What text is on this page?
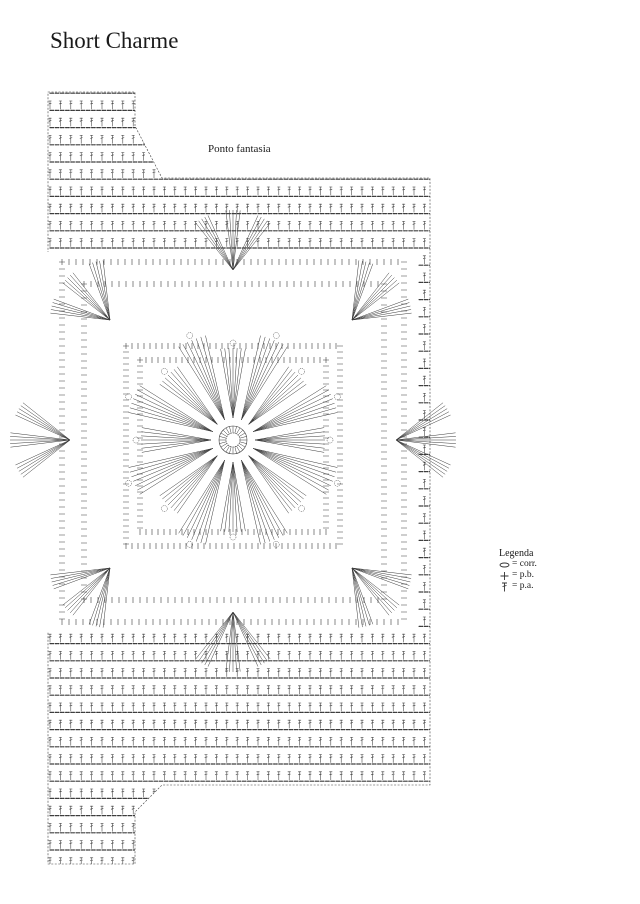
Short Charme
Ponto fantasia
Legenda
= corr.
= p.b.
= p.a.
